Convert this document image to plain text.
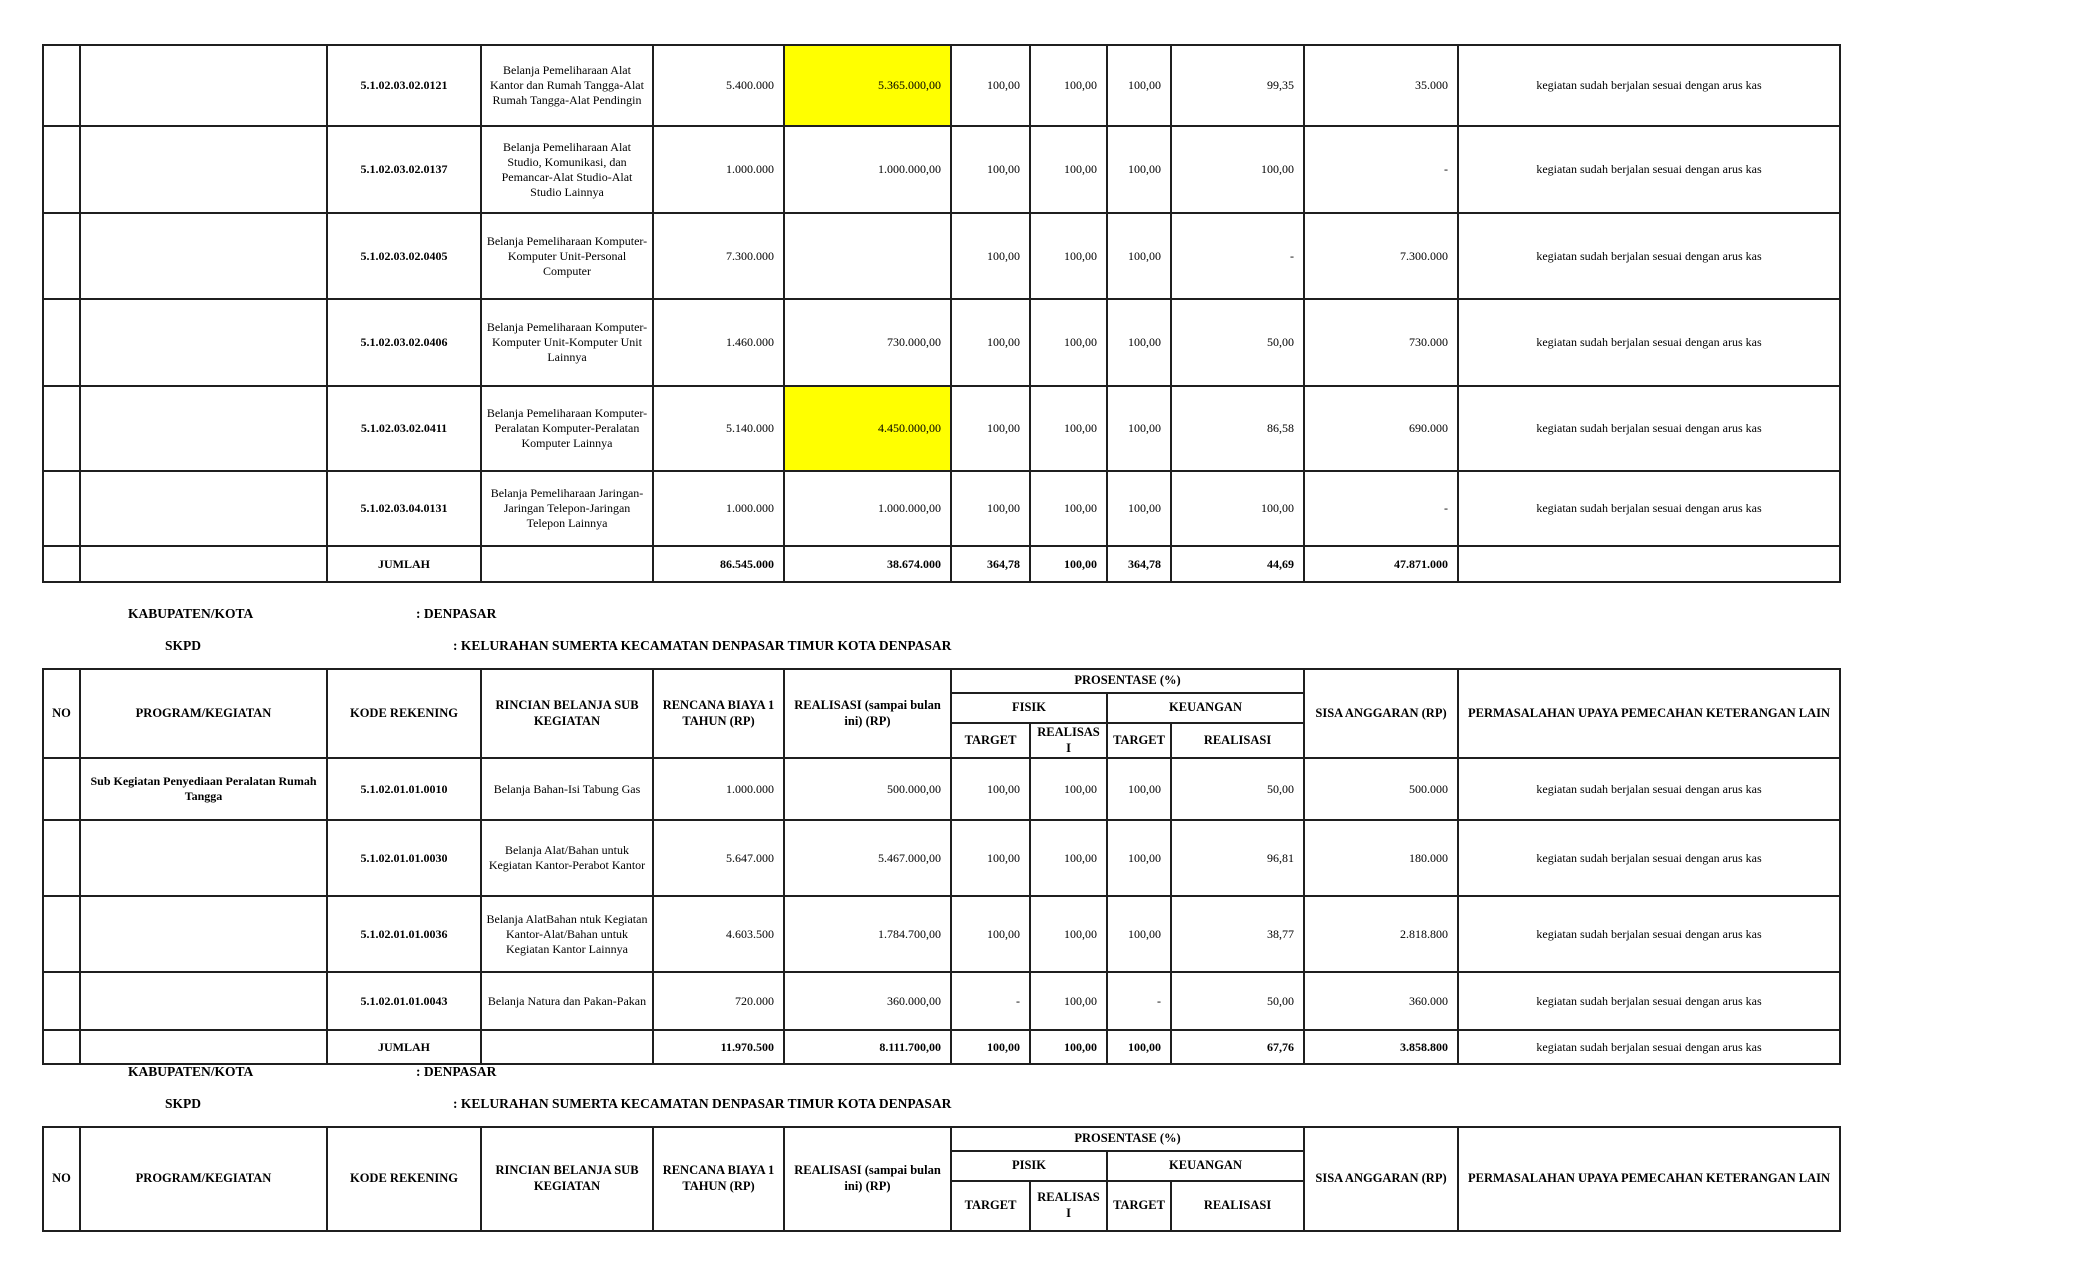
		5.1.02.03.02.0121	Belanja Pemeliharaan Alat Kantor dan Rumah Tangga-Alat Rumah Tangga-Alat Pendingin	5.400.000	5.365.000,00	100,00	100,00	100,00	99,35	35.000	kegiatan sudah berjalan sesuai dengan arus kas
		5.1.02.03.02.0137	Belanja Pemeliharaan Alat Studio, Komunikasi, dan Pemancar-Alat Studio-Alat Studio Lainnya	1.000.000	1.000.000,00	100,00	100,00	100,00	100,00	-	kegiatan sudah berjalan sesuai dengan arus kas
		5.1.02.03.02.0405	Belanja Pemeliharaan Komputer-Komputer Unit-Personal Computer	7.300.000		100,00	100,00	100,00	-	7.300.000	kegiatan sudah berjalan sesuai dengan arus kas
		5.1.02.03.02.0406	Belanja Pemeliharaan Komputer-Komputer Unit-Komputer Unit Lainnya	1.460.000	730.000,00	100,00	100,00	100,00	50,00	730.000	kegiatan sudah berjalan sesuai dengan arus kas
		5.1.02.03.02.0411	Belanja Pemeliharaan Komputer-Peralatan Komputer-Peralatan Komputer Lainnya	5.140.000	4.450.000,00	100,00	100,00	100,00	86,58	690.000	kegiatan sudah berjalan sesuai dengan arus kas
		5.1.02.03.04.0131	Belanja Pemeliharaan Jaringan-Jaringan Telepon-Jaringan Telepon Lainnya	1.000.000	1.000.000,00	100,00	100,00	100,00	100,00	-	kegiatan sudah berjalan sesuai dengan arus kas
		JUMLAH		86.545.000	38.674.000	364,78	100,00	364,78	44,69	47.871.000	
KABUPATEN/KOTA	: DENPASAR
SKPD	: KELURAHAN SUMERTA KECAMATAN DENPASAR TIMUR KOTA DENPASAR
NO	PROGRAM/KEGIATAN	KODE REKENING	RINCIAN BELANJA SUB KEGIATAN	RENCANA BIAYA 1 TAHUN (RP)	REALISASI (sampai bulan ini) (RP)	PROSENTASE (%)				SISA ANGGARAN (RP)	PERMASALAHAN UPAYA PEMECAHAN KETERANGAN LAIN
						FISIK		KEUANGAN			
						TARGET	REALISASI	TARGET	REALISASI		
	Sub Kegiatan Penyediaan Peralatan Rumah Tangga	5.1.02.01.01.0010	Belanja Bahan-Isi Tabung Gas	1.000.000	500.000,00	100,00	100,00	100,00	50,00	500.000	kegiatan sudah berjalan sesuai dengan arus kas
		5.1.02.01.01.0030	Belanja Alat/Bahan untuk Kegiatan Kantor-Perabot Kantor	5.647.000	5.467.000,00	100,00	100,00	100,00	96,81	180.000	kegiatan sudah berjalan sesuai dengan arus kas
		5.1.02.01.01.0036	Belanja AlatBahan ntuk Kegiatan Kantor-Alat/Bahan untuk Kegiatan Kantor Lainnya	4.603.500	1.784.700,00	100,00	100,00	100,00	38,77	2.818.800	kegiatan sudah berjalan sesuai dengan arus kas
		5.1.02.01.01.0043	Belanja Natura dan Pakan-Pakan	720.000	360.000,00	-	100,00	-	50,00	360.000	kegiatan sudah berjalan sesuai dengan arus kas
		JUMLAH		11.970.500	8.111.700,00	100,00	100,00	100,00	67,76	3.858.800	kegiatan sudah berjalan sesuai dengan arus kas
KABUPATEN/KOTA	: DENPASAR
SKPD	: KELURAHAN SUMERTA KECAMATAN DENPASAR TIMUR KOTA DENPASAR
NO	PROGRAM/KEGIATAN	KODE REKENING	RINCIAN BELANJA SUB KEGIATAN	RENCANA BIAYA 1 TAHUN (RP)	REALISASI (sampai bulan ini) (RP)	PROSENTASE (%)				SISA ANGGARAN (RP)	PERMASALAHAN UPAYA PEMECAHAN KETERANGAN LAIN
						PISIK		KEUANGAN			
						TARGET	REALISASI	TARGET	REALISASI		
